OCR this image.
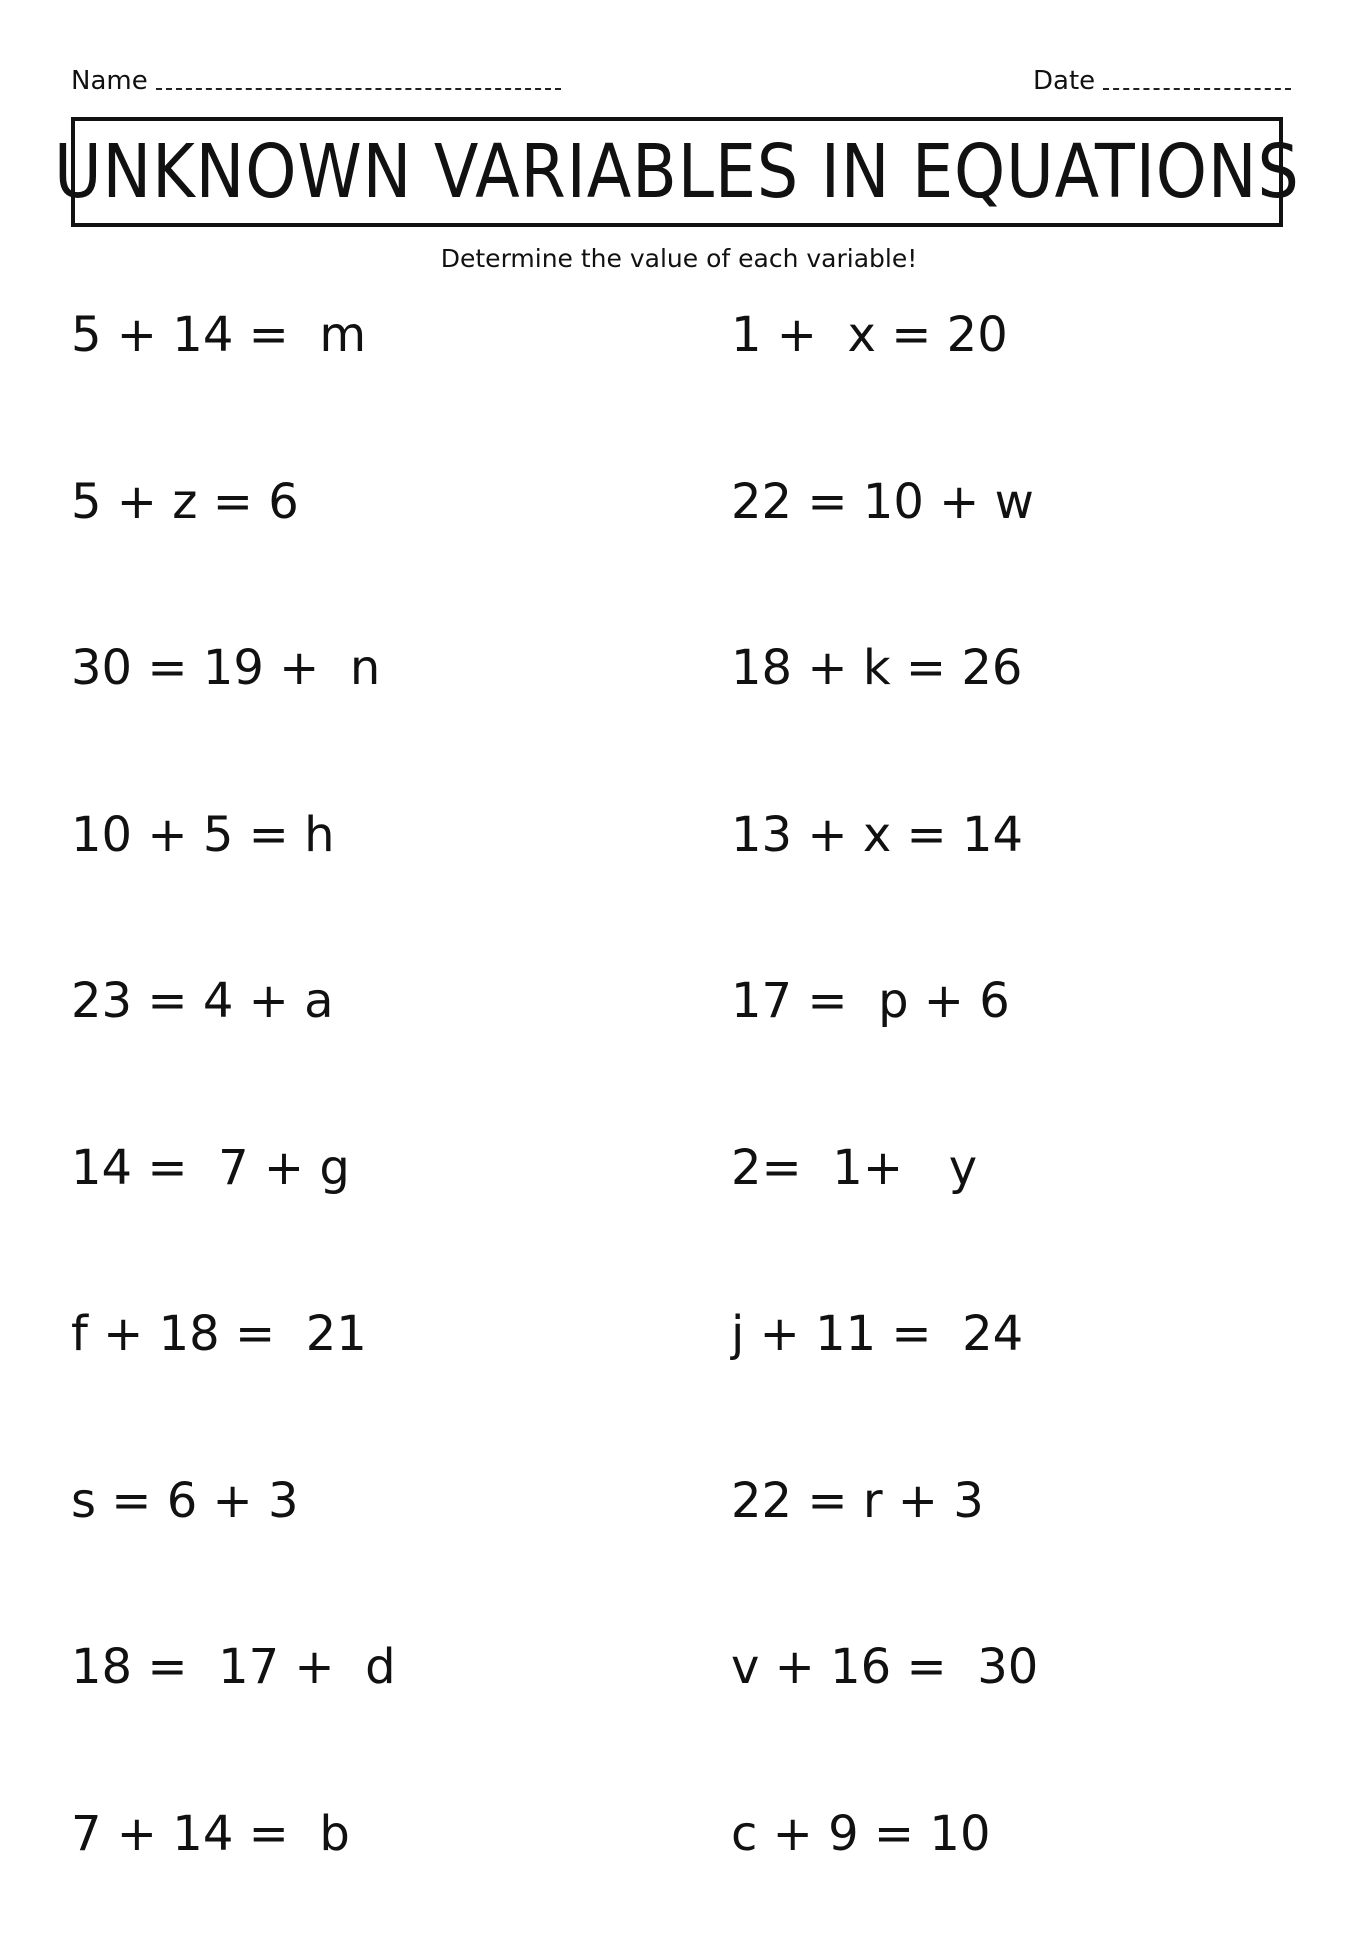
Name	Date
UNKNOWN VARIABLES IN EQUATIONS
Determine the value of each variable!
5 + 14 =  m	1 +  x = 20
5 + z = 6	22 = 10 + w
30 = 19 +  n	18 + k = 26
10 + 5 = h	13 + x = 14
23 = 4 + a	17 =  p + 6
14 =  7 + g	2=  1+   y
f + 18 =  21	j + 11 =  24
s = 6 + 3	22 = r + 3
18 =  17 +  d	v + 16 =  30
7 + 14 =  b	c + 9 = 10
